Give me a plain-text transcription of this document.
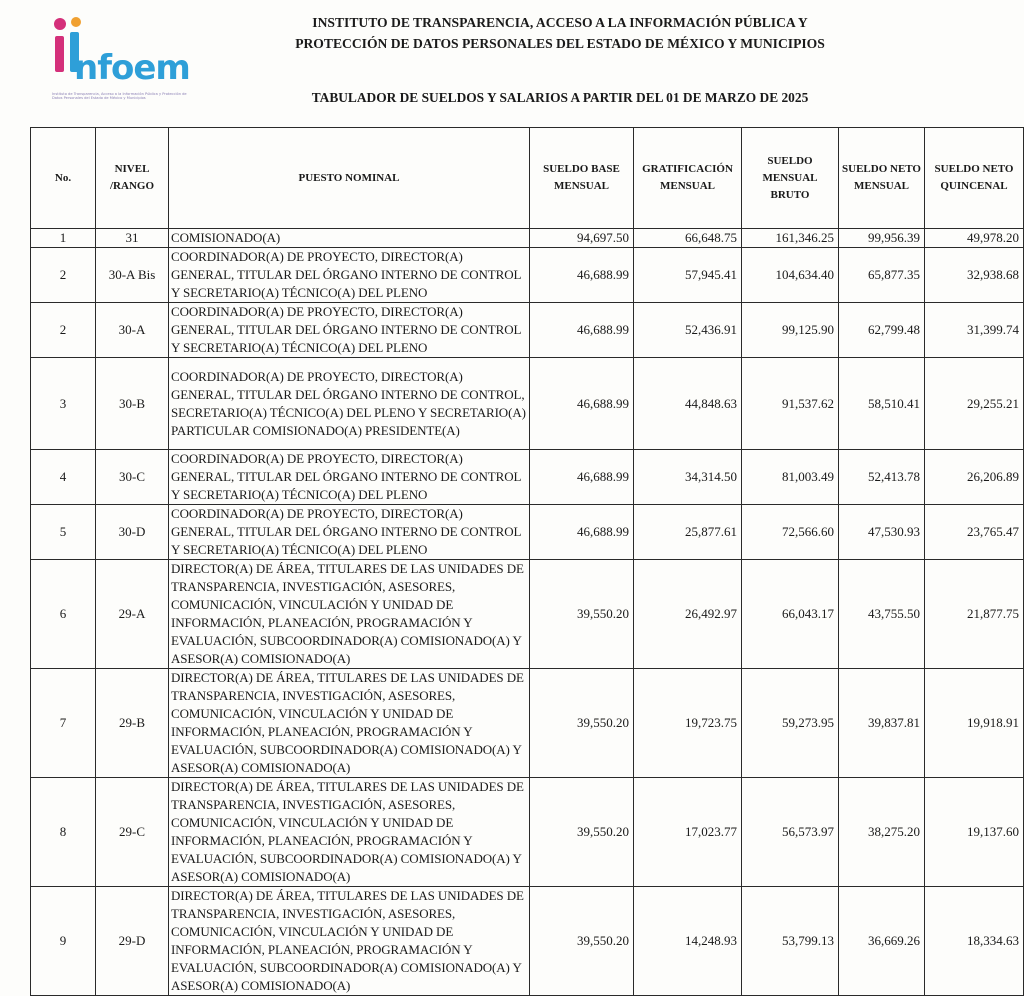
nfoem
Instituto de Transparencia, Acceso a la Información Pública y Protección de Datos Personales del Estado de México y Municipios
INSTITUTO DE TRANSPARENCIA, ACCESO A LA INFORMACIÓN PÚBLICA Y
PROTECCIÓN DE DATOS PERSONALES DEL ESTADO DE MÉXICO Y MUNICIPIOS
TABULADOR DE SUELDOS Y SALARIOS A PARTIR DEL 01 DE MARZO DE 2025
No.	NIVEL /RANGO	PUESTO NOMINAL	SUELDO BASE MENSUAL	GRATIFICACIÓN MENSUAL	SUELDO MENSUAL BRUTO	SUELDO NETO MENSUAL	SUELDO NETO QUINCENAL
1	31	COMISIONADO(A)	94,697.50	66,648.75	161,346.25	99,956.39	49,978.20
2	30-A Bis	COORDINADOR(A) DE PROYECTO, DIRECTOR(A) GENERAL, TITULAR DEL ÓRGANO INTERNO DE CONTROL Y SECRETARIO(A) TÉCNICO(A) DEL PLENO	46,688.99	57,945.41	104,634.40	65,877.35	32,938.68
2	30-A	COORDINADOR(A) DE PROYECTO, DIRECTOR(A) GENERAL, TITULAR DEL ÓRGANO INTERNO DE CONTROL Y SECRETARIO(A) TÉCNICO(A) DEL PLENO	46,688.99	52,436.91	99,125.90	62,799.48	31,399.74
3	30-B	COORDINADOR(A) DE PROYECTO, DIRECTOR(A) GENERAL, TITULAR DEL ÓRGANO INTERNO DE CONTROL, SECRETARIO(A) TÉCNICO(A) DEL PLENO Y SECRETARIO(A) PARTICULAR COMISIONADO(A) PRESIDENTE(A)	46,688.99	44,848.63	91,537.62	58,510.41	29,255.21
4	30-C	COORDINADOR(A) DE PROYECTO, DIRECTOR(A) GENERAL, TITULAR DEL ÓRGANO INTERNO DE CONTROL Y SECRETARIO(A) TÉCNICO(A) DEL PLENO	46,688.99	34,314.50	81,003.49	52,413.78	26,206.89
5	30-D	COORDINADOR(A) DE PROYECTO, DIRECTOR(A) GENERAL, TITULAR DEL ÓRGANO INTERNO DE CONTROL Y SECRETARIO(A) TÉCNICO(A) DEL PLENO	46,688.99	25,877.61	72,566.60	47,530.93	23,765.47
6	29-A	DIRECTOR(A) DE ÁREA, TITULARES DE LAS UNIDADES DE TRANSPARENCIA, INVESTIGACIÓN, ASESORES, COMUNICACIÓN, VINCULACIÓN Y UNIDAD DE INFORMACIÓN, PLANEACIÓN, PROGRAMACIÓN Y EVALUACIÓN, SUBCOORDINADOR(A) COMISIONADO(A) Y ASESOR(A) COMISIONADO(A)	39,550.20	26,492.97	66,043.17	43,755.50	21,877.75
7	29-B	DIRECTOR(A) DE ÁREA, TITULARES DE LAS UNIDADES DE TRANSPARENCIA, INVESTIGACIÓN, ASESORES, COMUNICACIÓN, VINCULACIÓN Y UNIDAD DE INFORMACIÓN, PLANEACIÓN, PROGRAMACIÓN Y EVALUACIÓN, SUBCOORDINADOR(A) COMISIONADO(A) Y ASESOR(A) COMISIONADO(A)	39,550.20	19,723.75	59,273.95	39,837.81	19,918.91
8	29-C	DIRECTOR(A) DE ÁREA, TITULARES DE LAS UNIDADES DE TRANSPARENCIA, INVESTIGACIÓN, ASESORES, COMUNICACIÓN, VINCULACIÓN Y UNIDAD DE INFORMACIÓN, PLANEACIÓN, PROGRAMACIÓN Y EVALUACIÓN, SUBCOORDINADOR(A) COMISIONADO(A) Y ASESOR(A) COMISIONADO(A)	39,550.20	17,023.77	56,573.97	38,275.20	19,137.60
9	29-D	DIRECTOR(A) DE ÁREA, TITULARES DE LAS UNIDADES DE TRANSPARENCIA, INVESTIGACIÓN, ASESORES, COMUNICACIÓN, VINCULACIÓN Y UNIDAD DE INFORMACIÓN, PLANEACIÓN, PROGRAMACIÓN Y EVALUACIÓN, SUBCOORDINADOR(A) COMISIONADO(A) Y ASESOR(A) COMISIONADO(A)	39,550.20	14,248.93	53,799.13	36,669.26	18,334.63
